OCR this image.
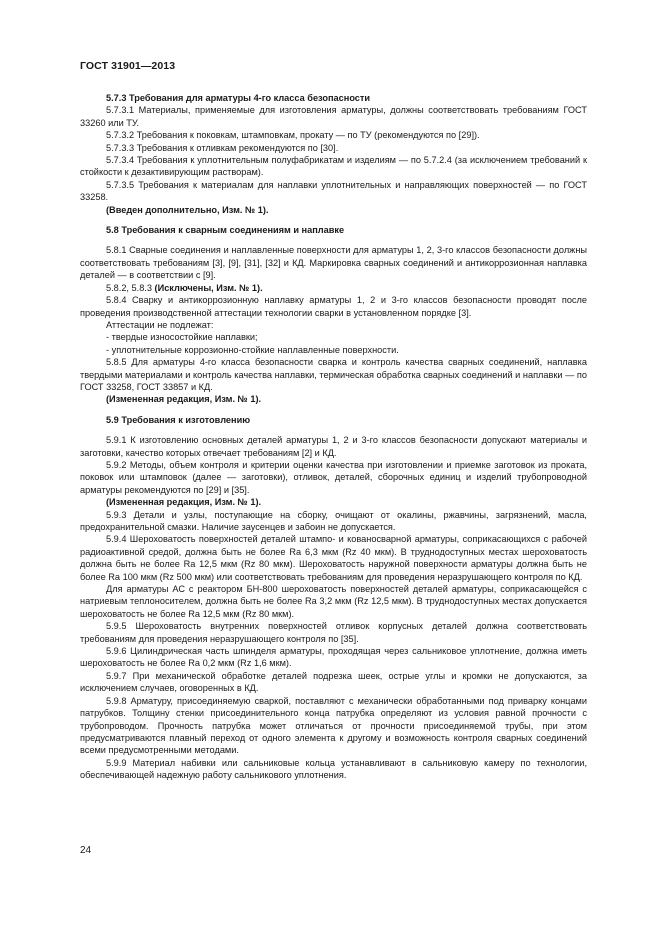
ГОСТ 31901—2013

5.7.3 Требования для арматуры 4-го класса безопасности

5.7.3.1 Материалы, применяемые для изготовления арматуры, должны соответствовать требованиям ГОСТ 33260 или ТУ.

5.7.3.2 Требования к поковкам, штамповкам, прокату — по ТУ (рекомендуются по [29]).

5.7.3.3 Требования к отливкам рекомендуются по [30].

5.7.3.4 Требования к уплотнительным полуфабрикатам и изделиям — по 5.7.2.4 (за исключением требований к стойкости к дезактивирующим растворам).

5.7.3.5 Требования к материалам для наплавки уплотнительных и направляющих поверхностей — по ГОСТ 33258.

(Введен дополнительно, Изм. № 1).

5.8 Требования к сварным соединениям и наплавке

5.8.1 Сварные соединения и наплавленные поверхности для арматуры 1, 2, 3-го классов безопасности должны соответствовать требованиям [3], [9], [31], [32] и КД. Маркировка сварных соединений и антикоррозионная наплавка деталей — в соответствии с [9].

5.8.2, 5.8.3 (Исключены, Изм. № 1).

5.8.4 Сварку и антикоррозионную наплавку арматуры 1, 2 и 3-го классов безопасности проводят после проведения производственной аттестации технологии сварки в установленном порядке [3].

Аттестации не подлежат:

- твердые износостойкие наплавки;

- уплотнительные коррозионно-стойкие наплавленные поверхности.

5.8.5 Для арматуры 4-го класса безопасности сварка и контроль качества сварных соединений, наплавка твердыми материалами и контроль качества наплавки, термическая обработка сварных соединений и наплавки — по ГОСТ 33258, ГОСТ 33857 и КД.

(Измененная редакция, Изм. № 1).

5.9 Требования к изготовлению

5.9.1 К изготовлению основных деталей арматуры 1, 2 и 3-го классов безопасности допускают материалы и заготовки, качество которых отвечает требованиям [2] и КД.

5.9.2 Методы, объем контроля и критерии оценки качества при изготовлении и приемке заготовок из проката, поковок или штамповок (далее — заготовки), отливок, деталей, сборочных единиц и изделий трубопроводной арматуры рекомендуются по [29] и [35].

(Измененная редакция, Изм. № 1).

5.9.3 Детали и узлы, поступающие на сборку, очищают от окалины, ржавчины, загрязнений, масла, предохранительной смазки. Наличие заусенцев и забоин не допускается.

5.9.4 Шероховатость поверхностей деталей штампо- и кованосварной арматуры, соприкасающихся с рабочей радиоактивной средой, должна быть не более Rа 6,3 мкм (Rz 40 мкм). В труднодоступных местах шероховатость должна быть не более Rа 12,5 мкм (Rz 80 мкм). Шероховатость наружной поверхности арматуры должна быть не более Rа 100 мкм (Rz 500 мкм) или соответствовать требованиям для проведения неразрушающего контроля по КД.

Для арматуры АС с реактором БН-800 шероховатость поверхностей деталей арматуры, соприкасающейся с натриевым теплоносителем, должна быть не более Rа 3,2 мкм (Rz 12,5 мкм). В труднодоступных местах допускается шероховатость не более Rа 12,5 мкм (Rz 80 мкм).

5.9.5 Шероховатость внутренних поверхностей отливок корпусных деталей должна соответствовать требованиям для проведения неразрушающего контроля по [35].

5.9.6 Цилиндрическая часть шпинделя арматуры, проходящая через сальниковое уплотнение, должна иметь шероховатость не более Rа 0,2 мкм (Rz 1,6 мкм).

5.9.7 При механической обработке деталей подрезка шеек, острые углы и кромки не допускаются, за исключением случаев, оговоренных в КД.

5.9.8 Арматуру, присоединяемую сваркой, поставляют с механически обработанными под приварку концами патрубков. Толщину стенки присоединительного конца патрубка определяют из условия равной прочности с трубопроводом. Прочность патрубка может отличаться от прочности присоединяемой трубы, при этом предусматриваются плавный переход от одного элемента к другому и возможность контроля сварных соединений всеми предусмотренными методами.

5.9.9 Материал набивки или сальниковые кольца устанавливают в сальниковую камеру по технологии, обеспечивающей надежную работу сальникового уплотнения.

24
